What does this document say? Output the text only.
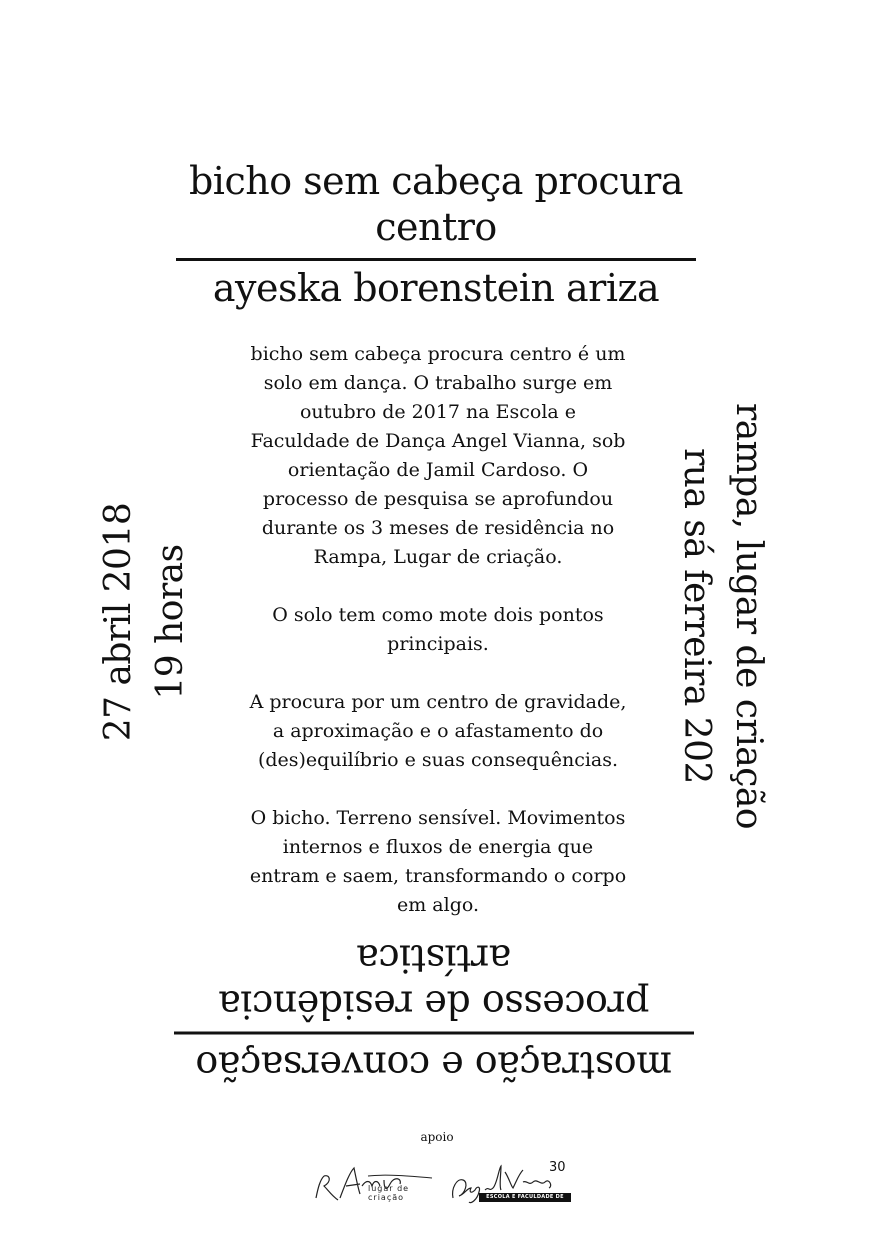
bicho sem cabeça procura centro
ayeska borenstein ariza

bicho sem cabeça procura centro é um solo em dança. O trabalho surge em outubro de 2017 na Escola e Faculdade de Dança Angel Vianna, sob orientação de Jamil Cardoso. O processo de pesquisa se aprofundou durante os 3 meses de residência no Rampa, Lugar de criação.

O solo tem como mote dois pontos principais.

A procura por um centro de gravidade, a aproximação e o afastamento do (des)equilíbrio e suas consequências.

O bicho. Terreno sensível. Movimentos internos e fluxos de energia que entram e saem, transformando o corpo em algo.

27 abril 2018 19 horas	rampa, lugar de criação
rua sá ferreira 202
mostração e conversação
processo de residência artística
apoio
lugar de criação
30
ESCOLA E FACULDADE DE DANÇA
